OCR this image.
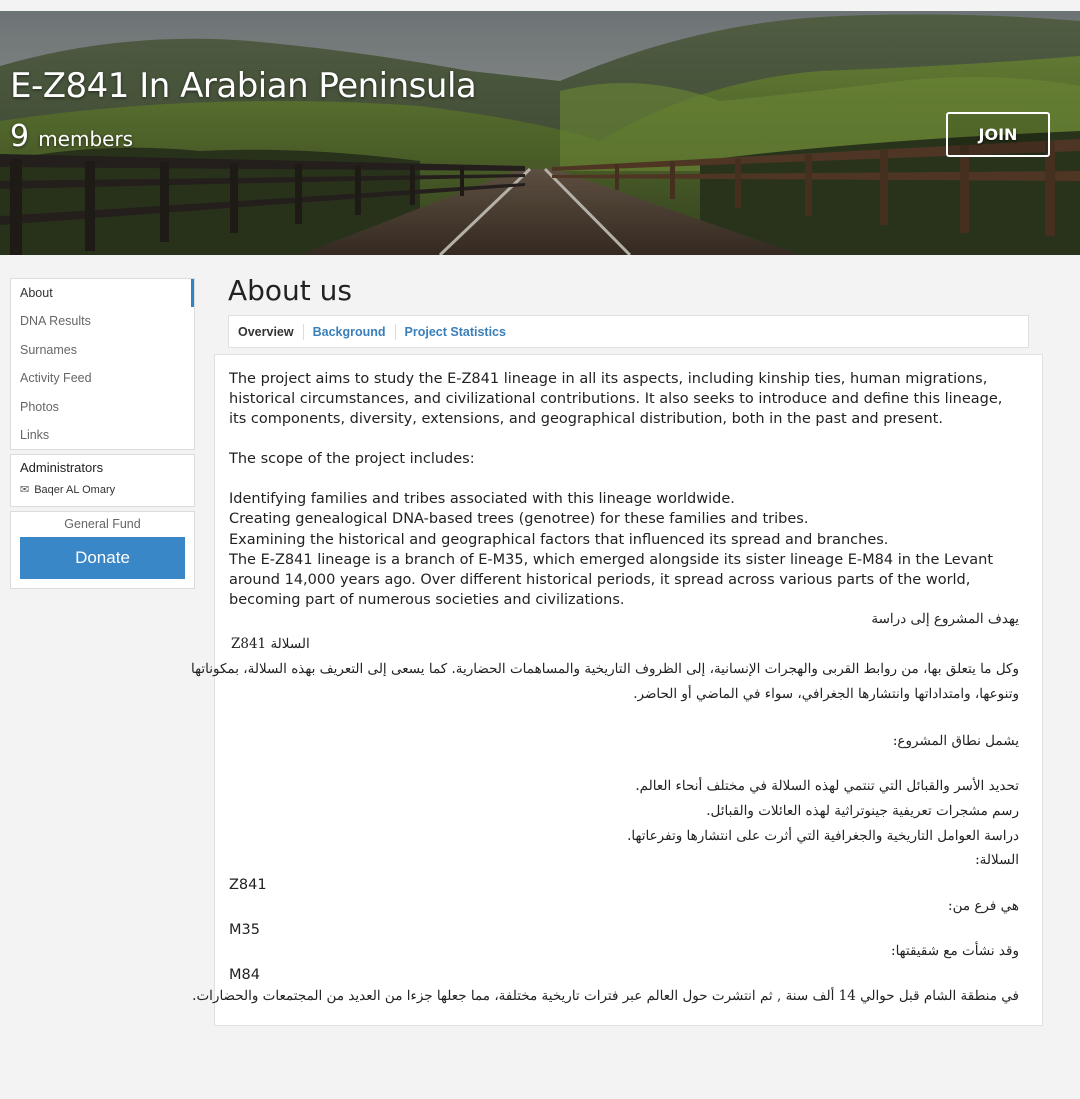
E-Z841 In Arabian Peninsula
9 members	JOIN
About
DNA Results
Surnames
Activity Feed
Photos
Links
Administrators
✉ Baqer AL Omary
General Fund
Donate
About us
Overview	Background	Project Statistics

The project aims to study the E-Z841 lineage in all its aspects, including kinship ties, human migrations, historical circumstances, and civilizational contributions. It also seeks to introduce and define this lineage, its components, diversity, extensions, and geographical distribution, both in the past and present.

The scope of the project includes:

Identifying families and tribes associated with this lineage worldwide.

Creating genealogical DNA-based trees (genotree) for these families and tribes.

Examining the historical and geographical factors that influenced its spread and branches.

The E-Z841 lineage is a branch of E-M35, which emerged alongside its sister lineage E-M84 in the Levant around 14,000 years ago. Over different historical periods, it spread across various parts of the world, becoming part of numerous societies and civilizations.

يهدف المشروع إلى دراسة
السلالة Z841
وكل ما يتعلق بها، من روابط القربى والهجرات الإنسانية، إلى الظروف التاريخية والمساهمات الحضارية. كما يسعى إلى التعريف بهذه السلالة، بمكوناتها
وتنوعها، وامتداداتها وانتشارها الجغرافي، سواء في الماضي أو الحاضر.
يشمل نطاق المشروع:
تحديد الأسر والقبائل التي تنتمي لهذه السلالة في مختلف أنحاء العالم.
رسم مشجرات تعريفية جينوتراثية لهذه العائلات والقبائل.
دراسة العوامل التاريخية والجغرافية التي أثرت على انتشارها وتفرعاتها.
السلالة:
Z841
هي فرع من:
M35
وقد نشأت مع شقيقتها:
M84
في منطقة الشام قبل حوالي 14 ألف سنة , ثم انتشرت حول العالم عبر فترات تاريخية مختلفة، مما جعلها جزءا من العديد من المجتمعات والحضارات.
